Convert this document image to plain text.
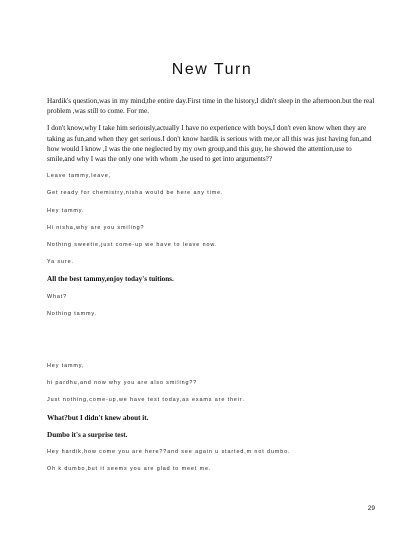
New Turn

Hardik's question,was in my mind,the entire day.First time in the history,I didn't sleep in the afternoon.but the real problem ,was still to come. For me.

I don't know,why I take him seriously,actually I have no experience with boys,I don't even know when they are taking as fun,and when they get serious.I don't know hardik is serious with me,or all this was just having fun,and how would I know ,I was the one neglected by my own group,and this guy, he showed the attention,use to smile,and why I was the only one with whom ,he used to get into arguments??

Leave tammy,leave,

Get ready for chemistry,nisha would be here any time.

Hey tammy.

Hi nisha,why are you smiling?

Nothing sweetie,just come-up we have to leave now.

Ya sure.

All the best tammy,enjoy today's tuitions.

What?

Nothing tammy.

Hey tammy,

hi pardhu,and now why you are also smiling??

Just nothing,come-up,we have test today,as exams are their.

What?but I didn't knew about it.

Dumbo it's a surprise test.

Hey hardik,how come you are here??and see again u started,m not dumbo.

Oh k dumbo,but it seems you are glad to meet me.

29
